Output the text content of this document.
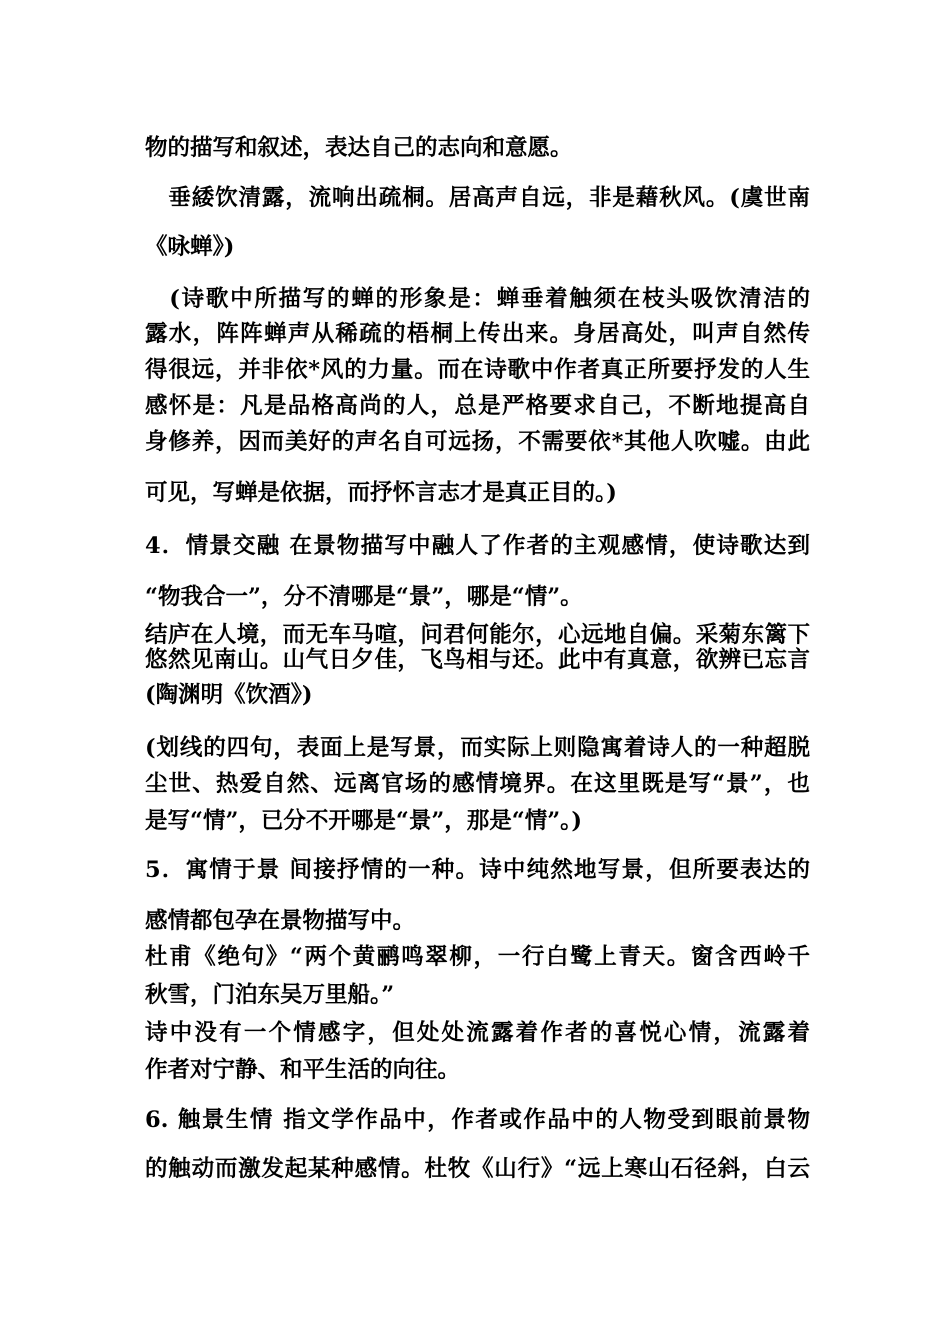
物的描写和叙述，表达自己的志向和意愿。
　垂緌饮清露，流响出疏桐。居高声自远，非是藉秋风。(虞世南
《咏蝉》)
　(诗歌中所描写的蝉的形象是：蝉垂着触须在枝头吸饮清洁的
露水，阵阵蝉声从稀疏的梧桐上传出来。身居高处，叫声自然传
得很远，并非依*风的力量。而在诗歌中作者真正所要抒发的人生
感怀是：凡是品格高尚的人，总是严格要求自己，不断地提高自
身修养，因而美好的声名自可远扬，不需要依*其他人吹嘘。由此
可见，写蝉是依据，而抒怀言志才是真正目的。)
4．情景交融 在景物描写中融人了作者的主观感情，使诗歌达到
“物我合一”，分不清哪是“景”，哪是“情”。
结庐在人境，而无车马喧，问君何能尔，心远地自偏。采菊东篱下
悠然见南山。山气日夕佳，飞鸟相与还。此中有真意，欲辨已忘言
(陶渊明《饮酒》)
(划线的四句，表面上是写景，而实际上则隐寓着诗人的一种超脱
尘世、热爱自然、远离官场的感情境界。在这里既是写“景”，也
是写“情”，已分不开哪是“景”，那是“情”。)
5．寓情于景 间接抒情的一种。诗中纯然地写景，但所要表达的
感情都包孕在景物描写中。
杜甫《绝句》“两个黄鹂鸣翠柳，一行白鹭上青天。窗含西岭千
秋雪，门泊东吴万里船。”
诗中没有一个情感字，但处处流露着作者的喜悦心情，流露着
作者对宁静、和平生活的向往。
6. 触景生情 指文学作品中，作者或作品中的人物受到眼前景物
的触动而激发起某种感情。杜牧《山行》“远上寒山石径斜，白云
